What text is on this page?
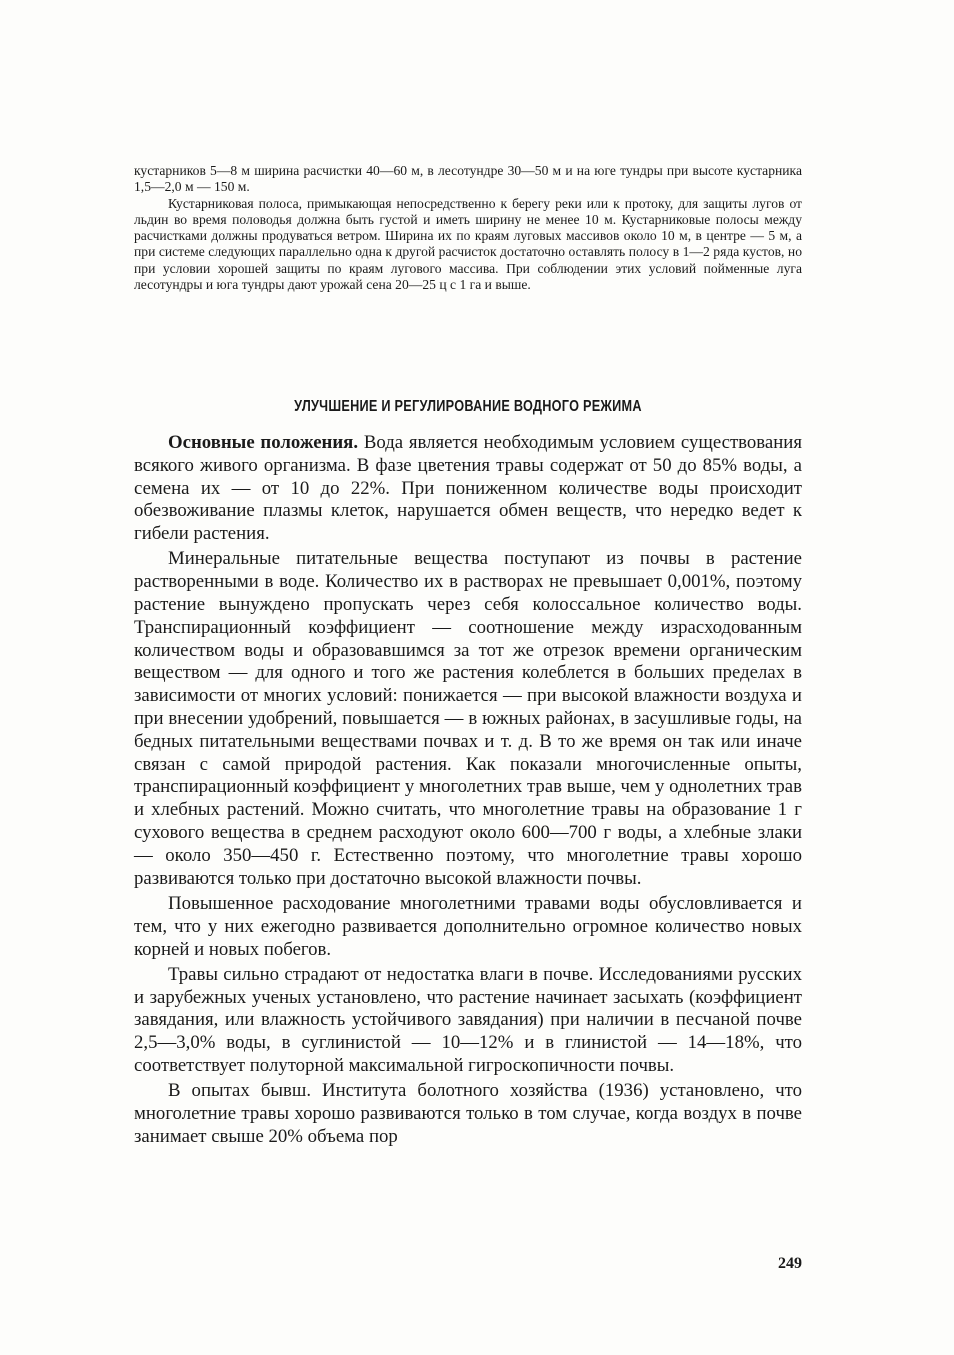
кустарников 5—8 м ширина расчистки 40—60 м, в лесотундре 30—50 м и на юге тундры при высоте кустарника 1,5—2,0 м — 150 м.

Кустарниковая полоса, примыкающая непосредственно к берегу реки или к протоку, для защиты лугов от льдин во время половодья должна быть густой и иметь ширину не менее 10 м. Кустарниковые полосы между расчистками должны продуваться ветром. Ширина их по краям луговых массивов около 10 м, в центре — 5 м, а при системе следующих параллельно одна к другой расчисток достаточно оставлять полосу в 1—2 ряда кустов, но при условии хорошей защиты по краям лугового массива. При соблюдении этих условий пойменные луга лесотундры и юга тундры дают урожай сена 20—25 ц с 1 га и выше.

УЛУЧШЕНИЕ И РЕГУЛИРОВАНИЕ ВОДНОГО РЕЖИМА

Основные положения. Вода является необходимым условием существования всякого живого организма. В фазе цветения травы содержат от 50 до 85% воды, а семена их — от 10 до 22%. При пониженном количестве воды происходит обезвоживание плазмы клеток, нарушается обмен веществ, что нередко ведет к гибели растения.

Минеральные питательные вещества поступают из почвы в растение растворенными в воде. Количество их в растворах не превышает 0,001%, поэтому растение вынуждено пропускать через себя колоссальное количество воды. Транспирационный коэффициент — соотношение между израсходованным количеством воды и образовавшимся за тот же отрезок времени органическим веществом — для одного и того же растения колеблется в больших пределах в зависимости от многих условий: понижается — при высокой влажности воздуха и при внесении удобрений, повышается — в южных районах, в засушливые годы, на бедных питательными веществами почвах и т. д. В то же время он так или иначе связан с самой природой растения. Как показали многочисленные опыты, транспирационный коэффициент у многолетних трав выше, чем у однолетних трав и хлебных растений. Можно считать, что многолетние травы на образование 1 г сухового вещества в среднем расходуют около 600—700 г воды, а хлебные злаки — около 350—450 г. Естественно поэтому, что многолетние травы хорошо развиваются только при достаточно высокой влажности почвы.

Повышенное расходование многолетними травами воды обусловливается и тем, что у них ежегодно развивается дополнительно огромное количество новых корней и новых побегов.

Травы сильно страдают от недостатка влаги в почве. Исследованиями русских и зарубежных ученых установлено, что растение начинает засыхать (коэффициент завядания, или влажность устойчивого завядания) при наличии в песчаной почве 2,5—3,0% воды, в суглинистой — 10—12% и в глинистой — 14—18%, что соответствует полуторной максимальной гигроскопичности почвы.

В опытах бывш. Института болотного хозяйства (1936) установлено, что многолетние травы хорошо развиваются только в том случае, когда воздух в почве занимает свыше 20% объема пор

249
